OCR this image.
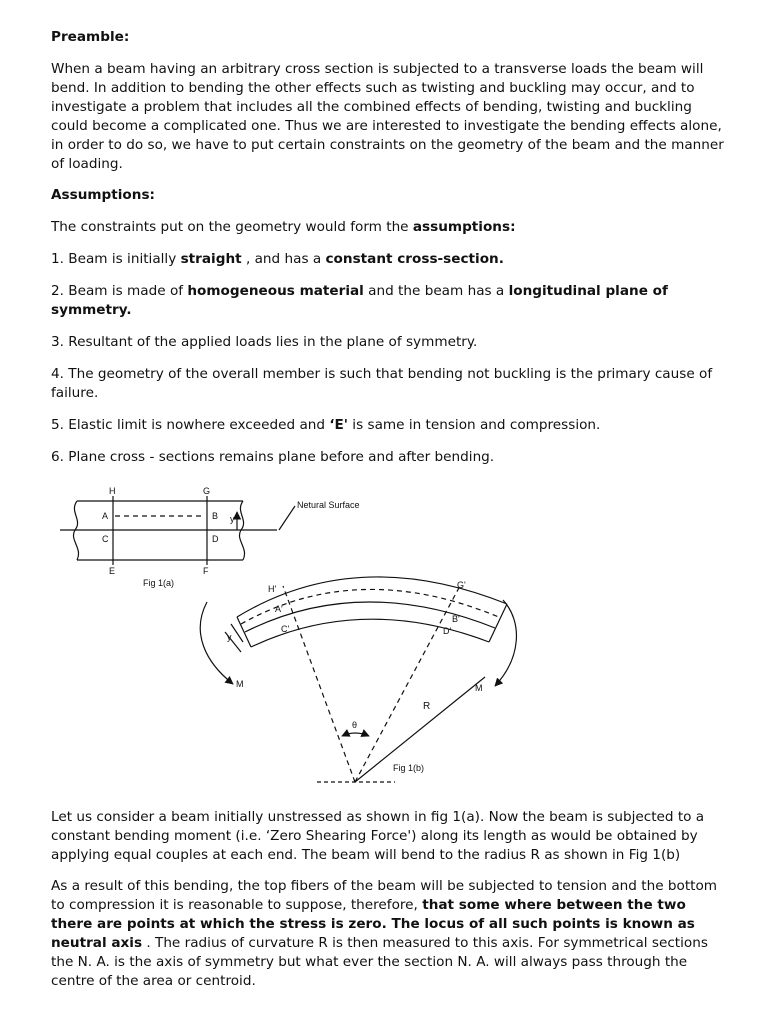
Preamble:

When a beam having an arbitrary cross section is subjected to a transverse loads the beam will bend. In addition to bending the other effects such as twisting and buckling may occur, and to investigate a problem that includes all the combined effects of bending, twisting and buckling could become a complicated one. Thus we are interested to investigate the bending effects alone, in order to do so, we have to put certain constraints on the geometry of the beam and the manner of loading.

Assumptions:

The constraints put on the geometry would form the assumptions:

1. Beam is initially straight , and has a constant cross-section.

2. Beam is made of homogeneous material and the beam has a longitudinal plane of symmetry.

3. Resultant of the applied loads lies in the plane of symmetry.

4. The geometry of the overall member is such that bending not buckling is the primary cause of failure.

5. Elastic limit is nowhere exceeded and ‘E' is same in tension and compression.

6. Plane cross - sections remains plane before and after bending.

Let us consider a beam initially unstressed as shown in fig 1(a). Now the beam is subjected to a constant bending moment (i.e. ‘Zero Shearing Force') along its length as would be obtained by applying equal couples at each end. The beam will bend to the radius R as shown in Fig 1(b)

As a result of this bending, the top fibers of the beam will be subjected to tension and the bottom to compression it is reasonable to suppose, therefore, that some where between the two there are points at which the stress is zero. The locus of all such points is known as neutral axis . The radius of curvature R is then measured to this axis. For symmetrical sections the N. A. is the axis of symmetry but what ever the section N. A. will always pass through the centre of the area or centroid.

H	G
A	B
C	D
E	F
y
Netural Surface
Fig 1(a)
H'	G'
A'
B'
C'	D'
y
M	M
R
θ
Fig 1(b)
